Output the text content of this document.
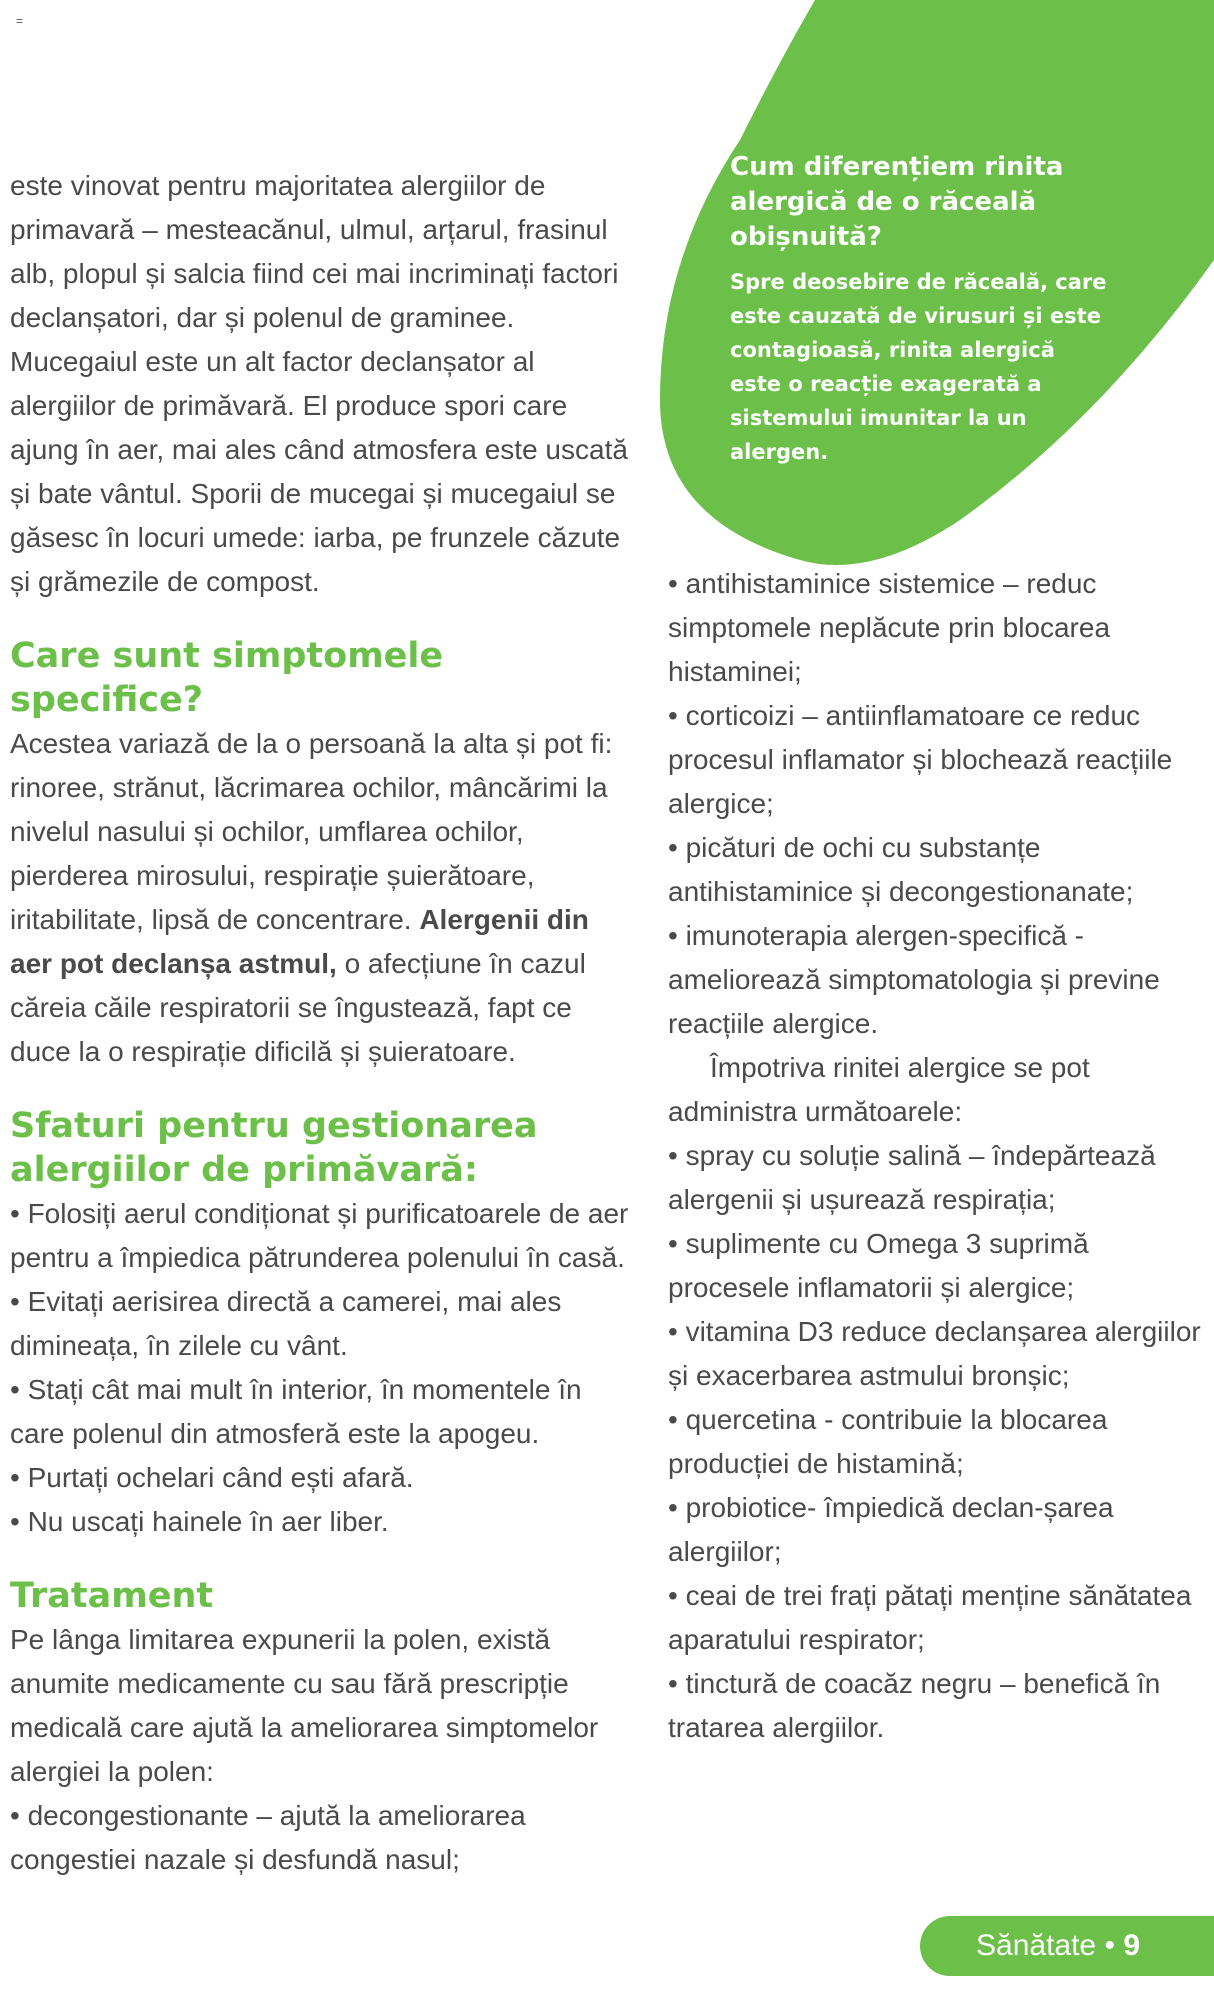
=
Cum diferențiem rinita alergică de o răceală obișnuită?

Spre deosebire de răceală, care este cauzată de virusuri și este contagioasă, rinita alergică este o reacție exagerată a sistemului imunitar la un alergen.

este vinovat pentru majoritatea alergiilor de primavară – mesteacănul, ulmul, arțarul, frasinul alb, plopul și salcia fiind cei mai incriminați factori declanșatori, dar și polenul de graminee. Mucegaiul este un alt factor declanșator al alergiilor de primăvară. El produce spori care ajung în aer, mai ales când atmosfera este uscată și bate vântul. Sporii de mucegai și mucegaiul se găsesc în locuri umede: iarba, pe frunzele căzute și grămezile de compost.

Care sunt simptomele specifice?

Acestea variază de la o persoană la alta și pot fi: rinoree, strănut, lăcrimarea ochilor, mâncărimi la nivelul nasului și ochilor, umflarea ochilor, pierderea mirosului, respirație șuierătoare, iritabilitate, lipsă de concentrare. Alergenii din aer pot declanșa astmul, o afecțiune în cazul căreia căile respiratorii se îngustează, fapt ce duce la o respirație dificilă și șuieratoare.

Sfaturi pentru gestionarea alergiilor de primăvară:

• Folosiți aerul condiționat și purificatoarele de aer pentru a împiedica pătrunderea polenului în casă.

• Evitați aerisirea directă a camerei, mai ales dimineața, în zilele cu vânt.

• Stați cât mai mult în interior, în momentele în care polenul din atmosferă este la apogeu.

• Purtați ochelari când ești afară.

• Nu uscați hainele în aer liber.

Tratament

Pe lânga limitarea expunerii la polen, există anumite medicamente cu sau fără prescripție medicală care ajută la ameliorarea simptomelor alergiei la polen:

• decongestionante – ajută la ameliorarea congestiei nazale și desfundă nasul;

• antihistaminice sistemice – reduc simptomele neplăcute prin blocarea histaminei;

• corticoizi – antiinflamatoare ce reduc procesul inflamator și blochează reacțiile alergice;

• picături de ochi cu substanțe antihistaminice și decongestionanate;

• imunoterapia alergen-specifică - ameliorează simptomatologia și previne reacțiile alergice.

Împotriva rinitei alergice se pot administra următoarele:

• spray cu soluție salină – îndepărtează alergenii și ușurează respirația;

• suplimente cu Omega 3 suprimă procesele inflamatorii și alergice;

• vitamina D3 reduce declanșarea alergiilor și exacerbarea astmului bronșic;

• quercetina - contribuie la blocarea producției de histamină;

• probiotice- împiedică declan-șarea alergiilor;

• ceai de trei frați pătați menține sănătatea aparatului respirator;

• tinctură de coacăz negru – benefică în tratarea alergiilor.

Sănătate • 9
